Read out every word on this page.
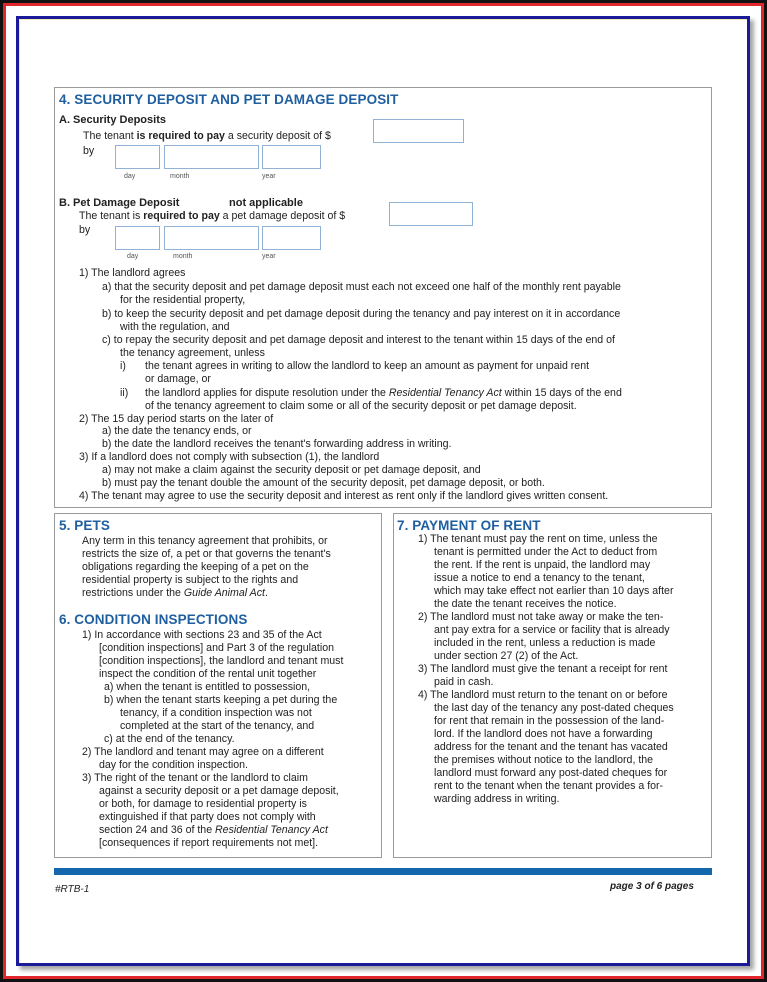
4. SECURITY DEPOSIT AND PET DAMAGE DEPOSIT
A. Security Deposits
The tenant is required to pay a security deposit of $
by
day	month	year
B. Pet Damage Deposit	not applicable
The tenant is required to pay a pet damage deposit of $
by
day	month	year
1) The landlord agrees
a) that the security deposit and pet damage deposit must each not exceed one half of the monthly rent payable
for the residential property,
b) to keep the security deposit and pet damage deposit during the tenancy and pay interest on it in accordance
with the regulation, and
c) to repay the security deposit and pet damage deposit and interest to the tenant within 15 days of the end of
the tenancy agreement, unless
i) the tenant agrees in writing to allow the landlord to keep an amount as payment for unpaid rent
or damage, or
ii) the landlord applies for dispute resolution under the Residential Tenancy Act within 15 days of the end
of the tenancy agreement to claim some or all of the security deposit or pet damage deposit.
2) The 15 day period starts on the later of
a) the date the tenancy ends, or
b) the date the landlord receives the tenant's forwarding address in writing.
3) If a landlord does not comply with subsection (1), the landlord
a) may not make a claim against the security deposit or pet damage deposit, and
b) must pay the tenant double the amount of the security deposit, pet damage deposit, or both.
4) The tenant may agree to use the security deposit and interest as rent only if the landlord gives written consent.
5. PETS
Any term in this tenancy agreement that prohibits, or
restricts the size of, a pet or that governs the tenant's
obligations regarding the keeping of a pet on the
residential property is subject to the rights and
restrictions under the Guide Animal Act.
6. CONDITION INSPECTIONS
1) In accordance with sections 23 and 35 of the Act
[condition inspections] and Part 3 of the regulation
[condition inspections], the landlord and tenant must
inspect the condition of the rental unit together
a) when the tenant is entitled to possession,
b) when the tenant starts keeping a pet during the
tenancy, if a condition inspection was not
completed at the start of the tenancy, and
c) at the end of the tenancy.
2) The landlord and tenant may agree on a different
day for the condition inspection.
3) The right of the tenant or the landlord to claim
against a security deposit or a pet damage deposit,
or both, for damage to residential property is
extinguished if that party does not comply with
section 24 and 36 of the Residential Tenancy Act
[consequences if report requirements not met].
7. PAYMENT OF RENT
1) The tenant must pay the rent on time, unless the
tenant is permitted under the Act to deduct from
the rent. If the rent is unpaid, the landlord may
issue a notice to end a tenancy to the tenant,
which may take effect not earlier than 10 days after
the date the tenant receives the notice.
2) The landlord must not take away or make the ten-
ant pay extra for a service or facility that is already
included in the rent, unless a reduction is made
under section 27 (2) of the Act.
3) The landlord must give the tenant a receipt for rent
paid in cash.
4) The landlord must return to the tenant on or before
the last day of the tenancy any post-dated cheques
for rent that remain in the possession of the land-
lord. If the landlord does not have a forwarding
address for the tenant and the tenant has vacated
the premises without notice to the landlord, the
landlord must forward any post-dated cheques for
rent to the tenant when the tenant provides a for-
warding address in writing.
#RTB-1	page 3 of 6 pages
